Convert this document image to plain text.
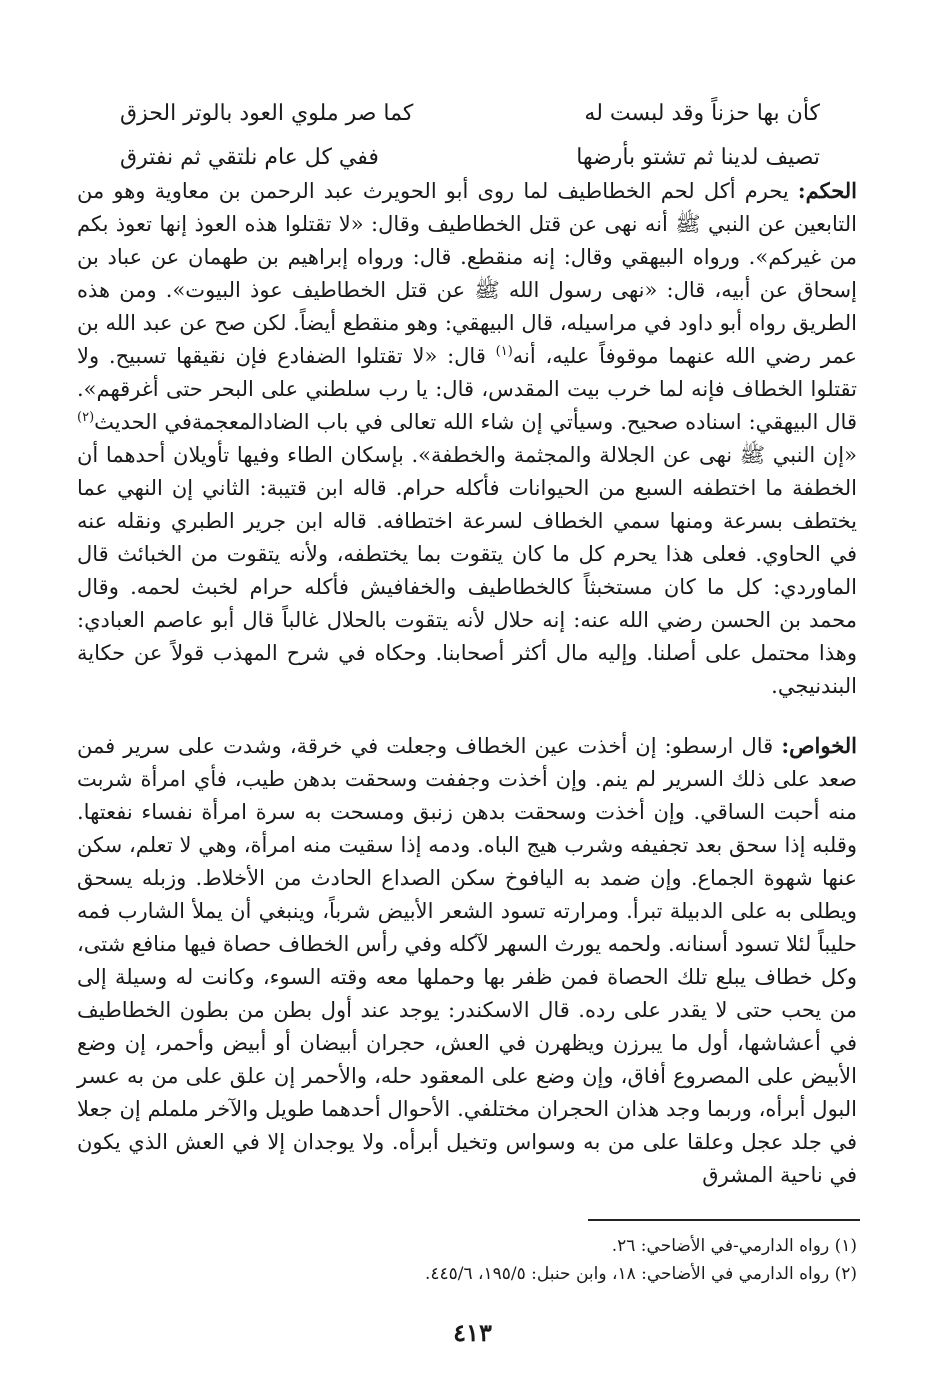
كأن بها حزناً وقد لبست له
كما صر ملوي العود بالوتر الحزق
تصيف لدينا ثم تشتو بأرضها
ففي كل عام نلتقي ثم نفترق

الحكم: يحرم أكل لحم الخطاطيف لما روى أبو الحويرث عبد الرحمن بن معاوية وهو من التابعين عن النبي ﷺ أنه نهى عن قتل الخطاطيف وقال: «لا تقتلوا هذه العوذ إنها تعوذ بكم من غيركم». ورواه البيهقي وقال: إنه منقطع. قال: ورواه إبراهيم بن طهمان عن عباد بن إسحاق عن أبيه، قال: «نهى رسول الله ﷺ عن قتل الخطاطيف عوذ البيوت». ومن هذه الطريق رواه أبو داود في مراسيله، قال البيهقي: وهو منقطع أيضاً. لكن صح عن عبد الله بن عمر رضي الله عنهما موقوفاً عليه، أنه$^{(١)}$ قال: «لا تقتلوا الضفادع فإن نقيقها تسبيح. ولا تقتلوا الخطاف فإنه لما خرب بيت المقدس، قال: يا رب سلطني على البحر حتى أغرقهم». قال البيهقي: اسناده صحيح. وسيأتي إن شاء الله تعالى في باب الضادالمعجمةفي الحديث$^{(٢)}$ «إن النبي ﷺ نهى عن الجلالة والمجثمة والخطفة». بإسكان الطاء وفيها تأويلان أحدهما أن الخطفة ما اختطفه السبع من الحيوانات فأكله حرام. قاله ابن قتيبة: الثاني إن النهي عما يختطف بسرعة ومنها سمي الخطاف لسرعة اختطافه. قاله ابن جرير الطبري ونقله عنه في الحاوي. فعلى هذا يحرم كل ما كان يتقوت بما يختطفه، ولأنه يتقوت من الخبائث قال الماوردي: كل ما كان مستخبثاً كالخطاطيف والخفافيش فأكله حرام لخبث لحمه. وقال محمد بن الحسن رضي الله عنه: إنه حلال لأنه يتقوت بالحلال غالباً قال أبو عاصم العبادي: وهذا محتمل على أصلنا. وإليه مال أكثر أصحابنا. وحكاه في شرح المهذب قولاً عن حكاية البندنيجي.

الخواص: قال ارسطو: إن أخذت عين الخطاف وجعلت في خرقة، وشدت على سرير فمن صعد على ذلك السرير لم ينم. وإن أخذت وجففت وسحقت بدهن طيب، فأي امرأة شربت منه أحبت الساقي. وإن أخذت وسحقت بدهن زنبق ومسحت به سرة امرأة نفساء نفعتها. وقلبه إذا سحق بعد تجفيفه وشرب هيج الباه. ودمه إذا سقيت منه امرأة، وهي لا تعلم، سكن عنها شهوة الجماع. وإن ضمد به اليافوخ سكن الصداع الحادث من الأخلاط. وزبله يسحق ويطلى به على الدبيلة تبرأ. ومرارته تسود الشعر الأبيض شرباً، وينبغي أن يملأ الشارب فمه حليباً لئلا تسود أسنانه. ولحمه يورث السهر لآكله وفي رأس الخطاف حصاة فيها منافع شتى، وكل خطاف يبلع تلك الحصاة فمن ظفر بها وحملها معه وقته السوء، وكانت له وسيلة إلى من يحب حتى لا يقدر على رده. قال الاسكندر: يوجد عند أول بطن من بطون الخطاطيف في أعشاشها، أول ما يبرزن ويظهرن في العش، حجران أبيضان أو أبيض وأحمر، إن وضع الأبيض على المصروع أفاق، وإن وضع على المعقود حله، والأحمر إن علق على من به عسر البول أبرأه، وربما وجد هذان الحجران مختلفي. الأحوال أحدهما طويل والآخر ململم إن جعلا في جلد عجل وعلقا على من به وسواس وتخيل أبرأه. ولا يوجدان إلا في العش الذي يكون في ناحية المشرق

(١) رواه الدارمي-في الأضاحي: ٢٦.
(٢) رواه الدارمي في الأضاحي: ١٨، وابن حنبل: ١٩٥/٥، ٤٤٥/٦.
٤١٣
